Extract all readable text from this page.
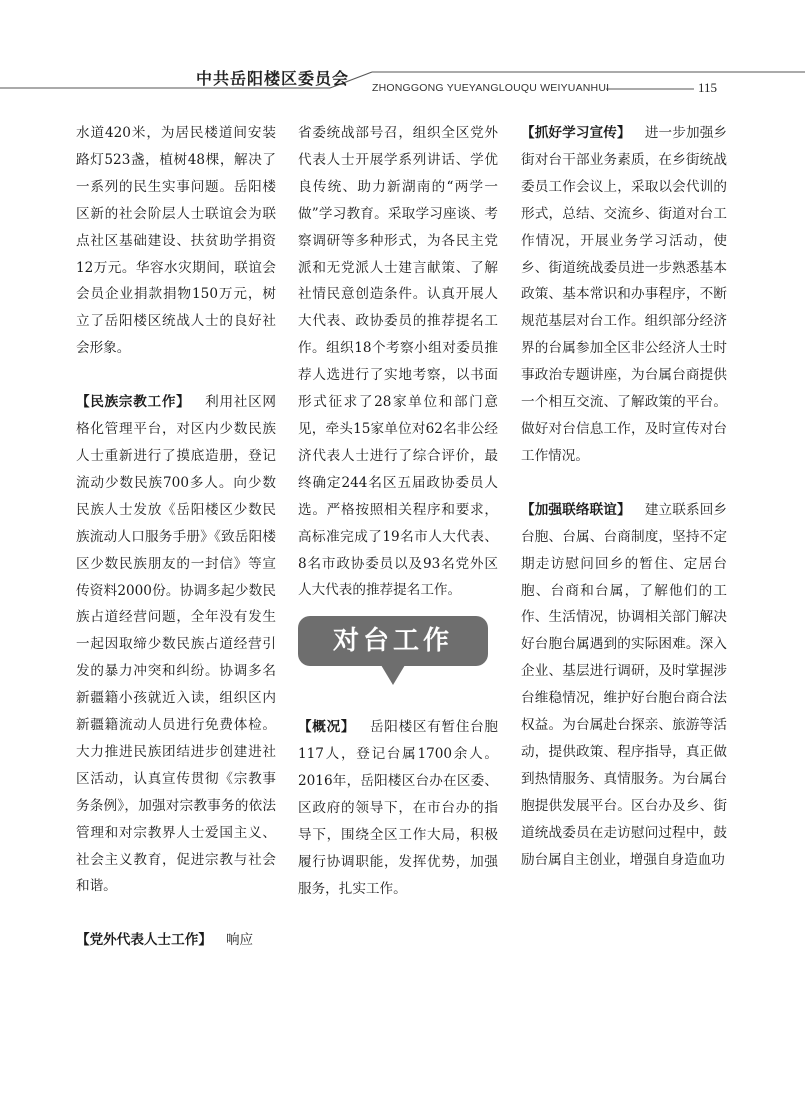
中共岳阳楼区委员会 ZHONGGONG YUEYANGLOUQU WEIYUANHUI	115

水道420米，为居民楼道间安装路灯523盏，植树48棵，解决了一系列的民生实事问题。岳阳楼区新的社会阶层人士联谊会为联点社区基础建设、扶贫助学捐资12万元。华容水灾期间，联谊会会员企业捐款捐物150万元，树立了岳阳楼区统战人士的良好社会形象。

【民族宗教工作】 利用社区网格化管理平台，对区内少数民族人士重新进行了摸底造册，登记流动少数民族700多人。向少数民族人士发放《岳阳楼区少数民族流动人口服务手册》《致岳阳楼区少数民族朋友的一封信》等宣传资料2000份。协调多起少数民族占道经营问题，全年没有发生一起因取缔少数民族占道经营引发的暴力冲突和纠纷。协调多名新疆籍小孩就近入读，组织区内新疆籍流动人员进行免费体检。大力推进民族团结进步创建进社区活动，认真宣传贯彻《宗教事务条例》，加强对宗教事务的依法管理和对宗教界人士爱国主义、社会主义教育，促进宗教与社会和谐。

【党外代表人士工作】 响应

省委统战部号召，组织全区党外代表人士开展学系列讲话、学优良传统、助力新湖南的“两学一做”学习教育。采取学习座谈、考察调研等多种形式，为各民主党派和无党派人士建言献策、了解社情民意创造条件。认真开展人大代表、政协委员的推荐提名工作。组织18个考察小组对委员推荐人选进行了实地考察，以书面形式征求了28家单位和部门意见，牵头15家单位对62名非公经济代表人士进行了综合评价，最终确定244名区五届政协委员人选。严格按照相关程序和要求，高标准完成了19名市人大代表、8名市政协委员以及93名党外区人大代表的推荐提名工作。

对台工作

【概况】 岳阳楼区有暂住台胞117人，登记台属1700余人。2016年，岳阳楼区台办在区委、区政府的领导下，在市台办的指导下，围绕全区工作大局，积极履行协调职能，发挥优势，加强服务，扎实工作。

【抓好学习宣传】 进一步加强乡街对台干部业务素质，在乡街统战委员工作会议上，采取以会代训的形式，总结、交流乡、街道对台工作情况，开展业务学习活动，使乡、街道统战委员进一步熟悉基本政策、基本常识和办事程序，不断规范基层对台工作。组织部分经济界的台属参加全区非公经济人士时事政治专题讲座，为台属台商提供一个相互交流、了解政策的平台。做好对台信息工作，及时宣传对台工作情况。

【加强联络联谊】 建立联系回乡台胞、台属、台商制度，坚持不定期走访慰问回乡的暂住、定居台胞、台商和台属，了解他们的工作、生活情况，协调相关部门解决好台胞台属遇到的实际困难。深入企业、基层进行调研，及时掌握涉台维稳情况，维护好台胞台商合法权益。为台属赴台探亲、旅游等活动，提供政策、程序指导，真正做到热情服务、真情服务。为台属台胞提供发展平台。区台办及乡、街道统战委员在走访慰问过程中，鼓励台属自主创业，增强自身造血功
